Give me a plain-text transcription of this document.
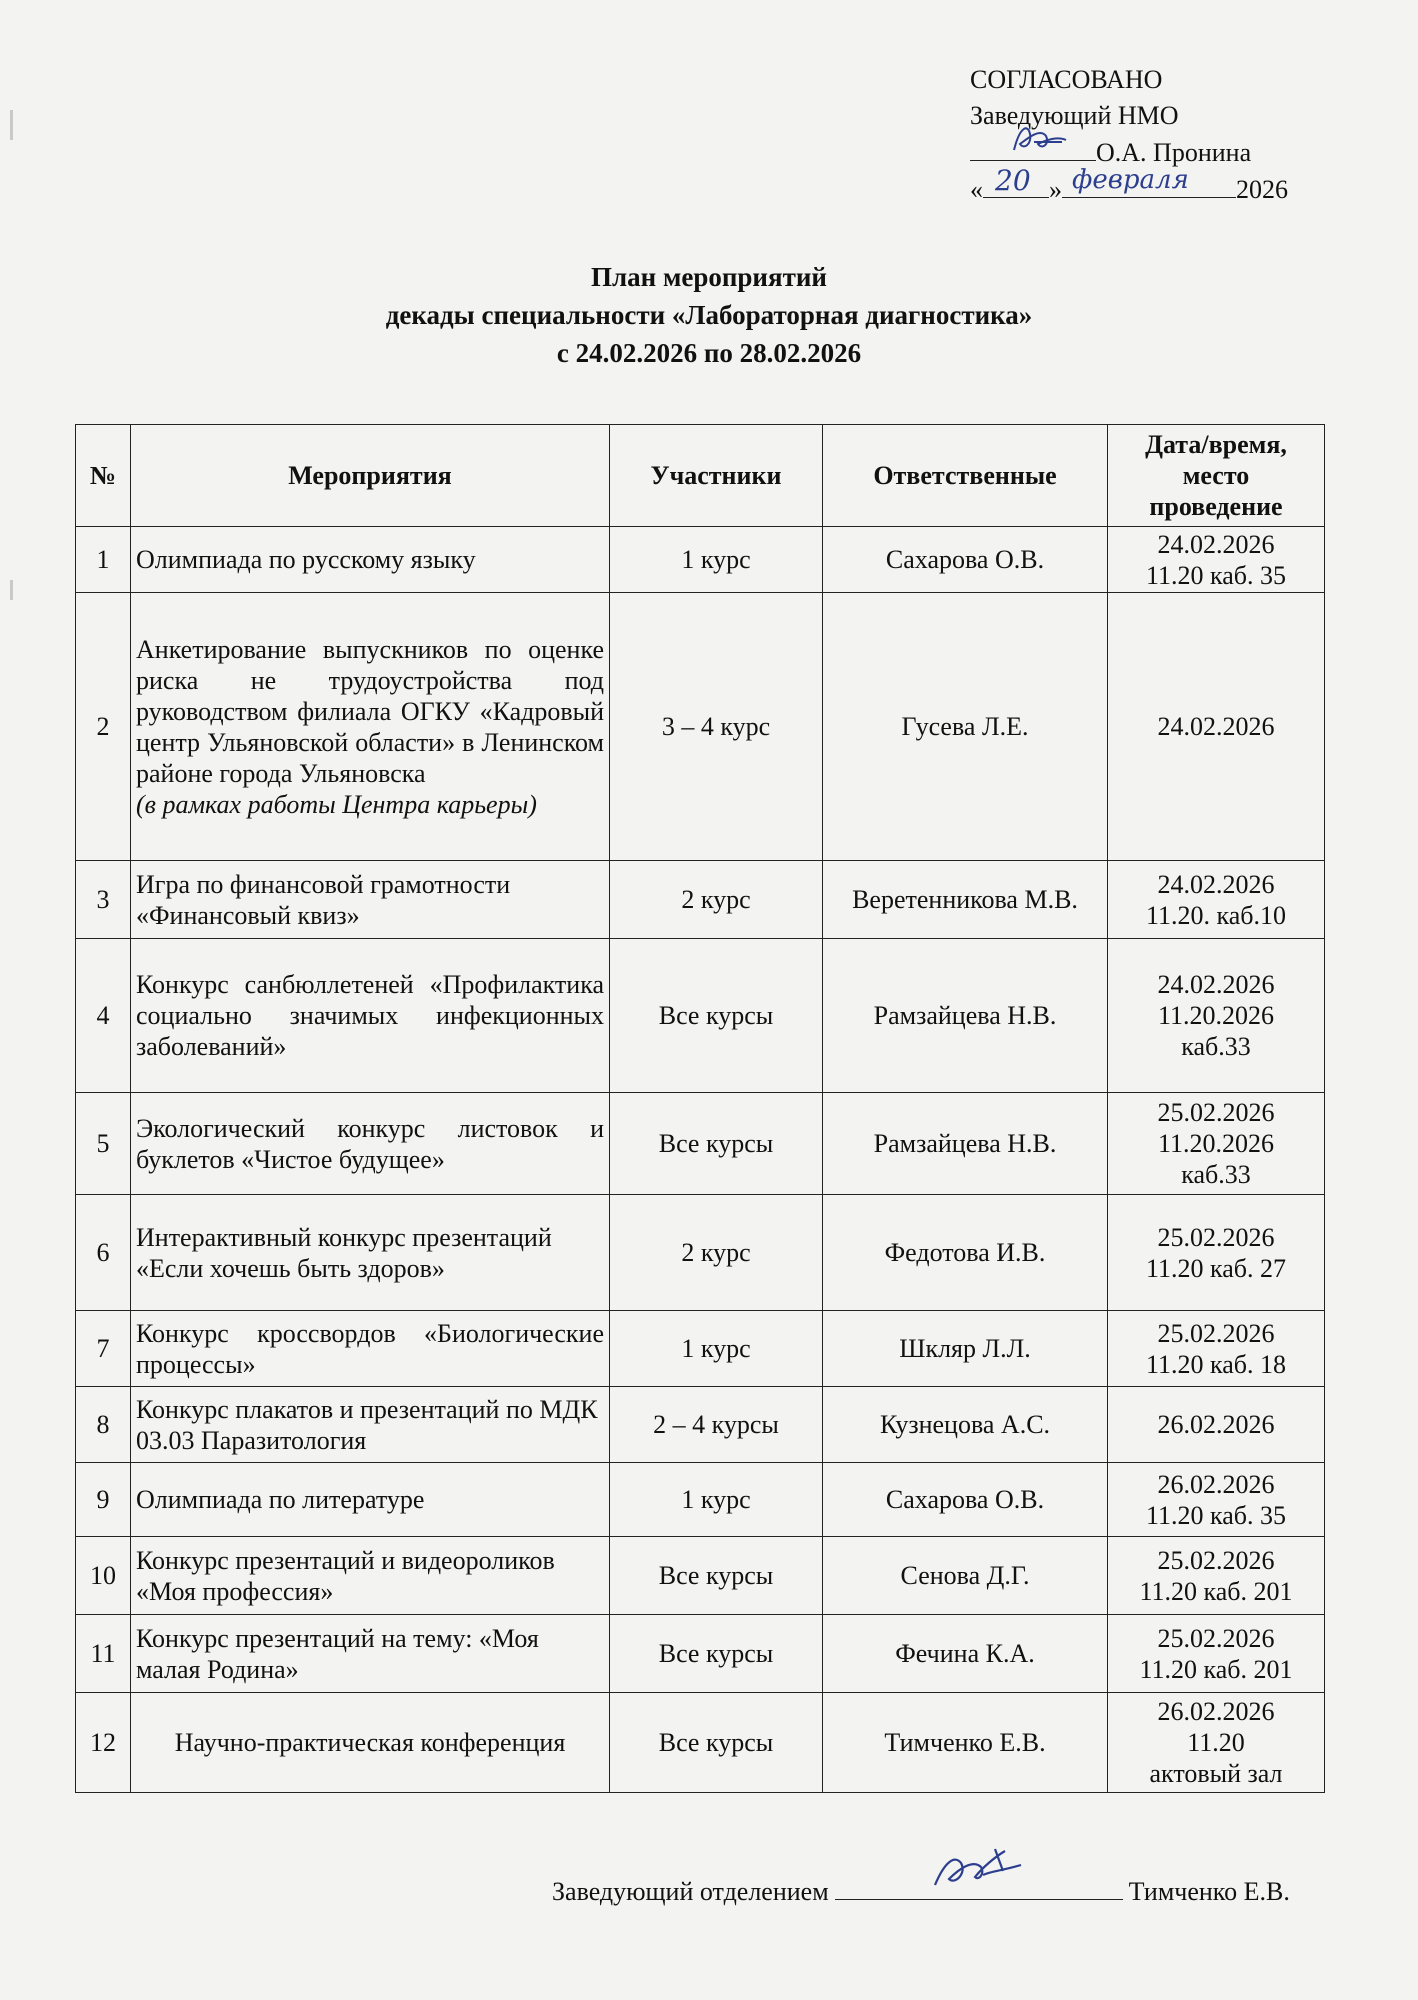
СОГЛАСОВАНО
Заведующий НМО
О.А. Пронина
« 20 » февраля 2026
План мероприятий
декады специальности «Лабораторная диагностика»
с 24.02.2026 по 28.02.2026
№	Мероприятия	Участники	Ответственные	Дата/время, место проведение
1	Олимпиада по русскому языку	1 курс	Сахарова О.В.	24.02.2026
11.20 каб. 35

2	Анкетирование выпускников по оценке риска не трудоустройства под руководством филиала ОГКУ «Кадровый центр Ульяновской области» в Ленинском районе города Ульяновска
(в рамках работы Центра карьеры)	3 – 4 курс	Гусева Л.Е.	24.02.2026

3	Игра по финансовой грамотности «Финансовый квиз»	2 курс	Веретенникова М.В.	24.02.2026
11.20. каб.10

4	Конкурс санбюллетеней «Профилактика социально значимых инфекционных заболеваний»	Все курсы	Рамзайцева Н.В.	24.02.2026
11.20.2026
каб.33

5	Экологический конкурс листовок и буклетов «Чистое будущее»	Все курсы	Рамзайцева Н.В.	25.02.2026
11.20.2026
каб.33

6	Интерактивный конкурс презентаций «Если хочешь быть здоров»	2 курс	Федотова И.В.	25.02.2026
11.20 каб. 27

7	Конкурс кроссвордов «Биологические процессы»	1 курс	Шкляр Л.Л.	25.02.2026
11.20 каб. 18

8	Конкурс плакатов и презентаций по МДК 03.03 Паразитология	2 – 4 курсы	Кузнецова А.С.	26.02.2026

9	Олимпиада по литературе	1 курс	Сахарова О.В.	26.02.2026
11.20 каб. 35

10	Конкурс презентаций и видеороликов «Моя профессия»	Все курсы	Сенова Д.Г.	25.02.2026
11.20 каб. 201

11	Конкурс презентаций на тему: «Моя малая Родина»	Все курсы	Фечина К.А.	25.02.2026
11.20 каб. 201

12	Научно-практическая конференция	Все курсы	Тимченко Е.В.	26.02.2026
11.20
актовый зал
Заведующий отделением	Тимченко Е.В.
